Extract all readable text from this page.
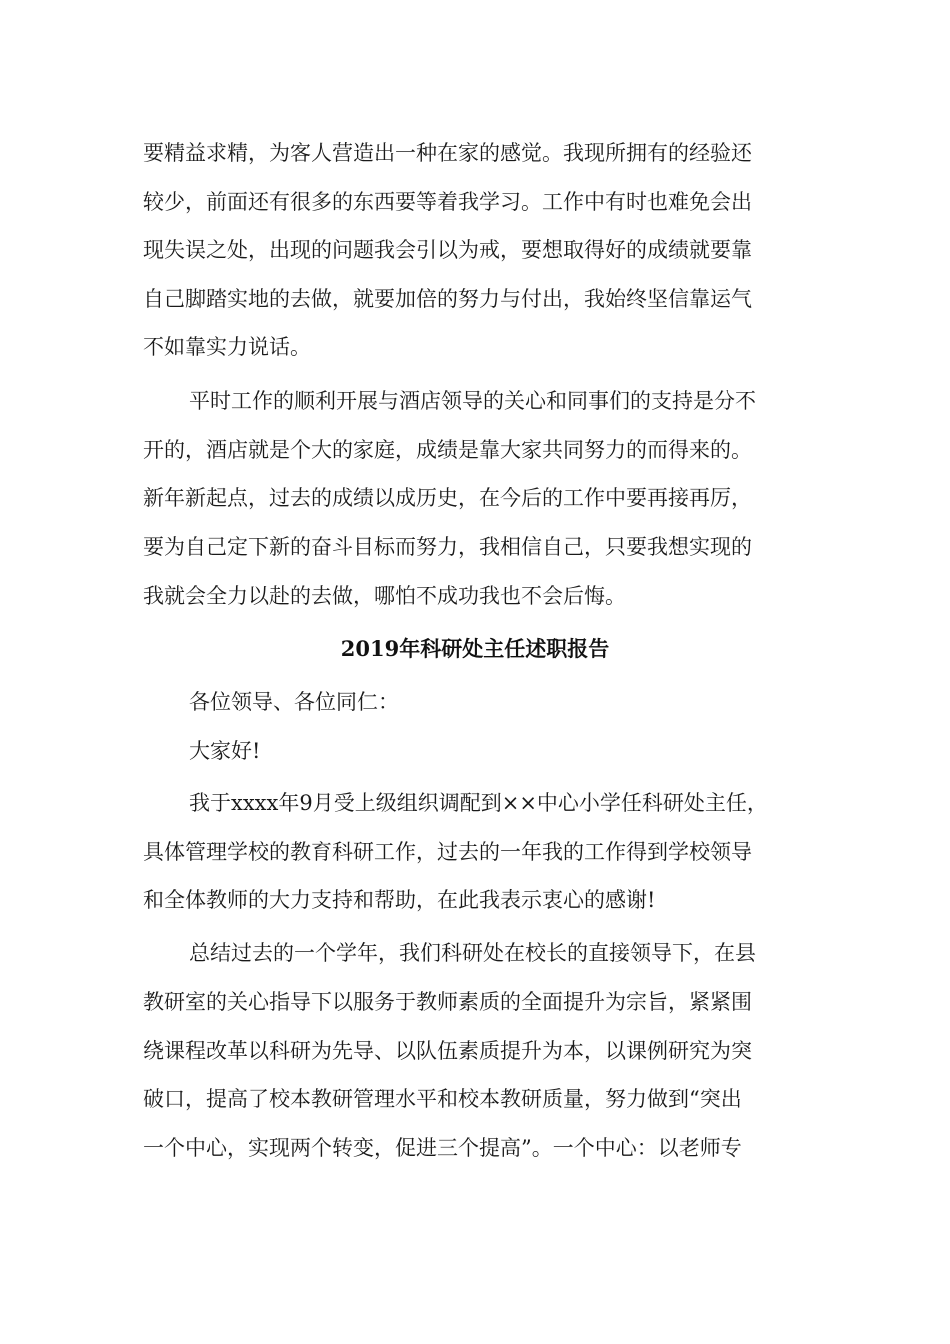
要精益求精，为客人营造出一种在家的感觉。我现所拥有的经验还

较少，前面还有很多的东西要等着我学习。工作中有时也难免会出

现失误之处，出现的问题我会引以为戒，要想取得好的成绩就要靠

自己脚踏实地的去做，就要加倍的努力与付出，我始终坚信靠运气

不如靠实力说话。

平时工作的顺利开展与酒店领导的关心和同事们的支持是分不

开的，酒店就是个大的家庭，成绩是靠大家共同努力的而得来的。

新年新起点，过去的成绩以成历史，在今后的工作中要再接再厉，

要为自己定下新的奋斗目标而努力，我相信自己，只要我想实现的

我就会全力以赴的去做，哪怕不成功我也不会后悔。

2019年科研处主任述职报告

各位领导、各位同仁：

大家好!

我于xxxx年9月受上级组织调配到××中心小学任科研处主任，

具体管理学校的教育科研工作，过去的一年我的工作得到学校领导

和全体教师的大力支持和帮助，在此我表示衷心的感谢!

总结过去的一个学年，我们科研处在校长的直接领导下，在县

教研室的关心指导下以服务于教师素质的全面提升为宗旨，紧紧围

绕课程改革以科研为先导、以队伍素质提升为本，以课例研究为突

破口，提高了校本教研管理水平和校本教研质量，努力做到“突出

一个中心，实现两个转变，促进三个提高”。一个中心：以老师专
